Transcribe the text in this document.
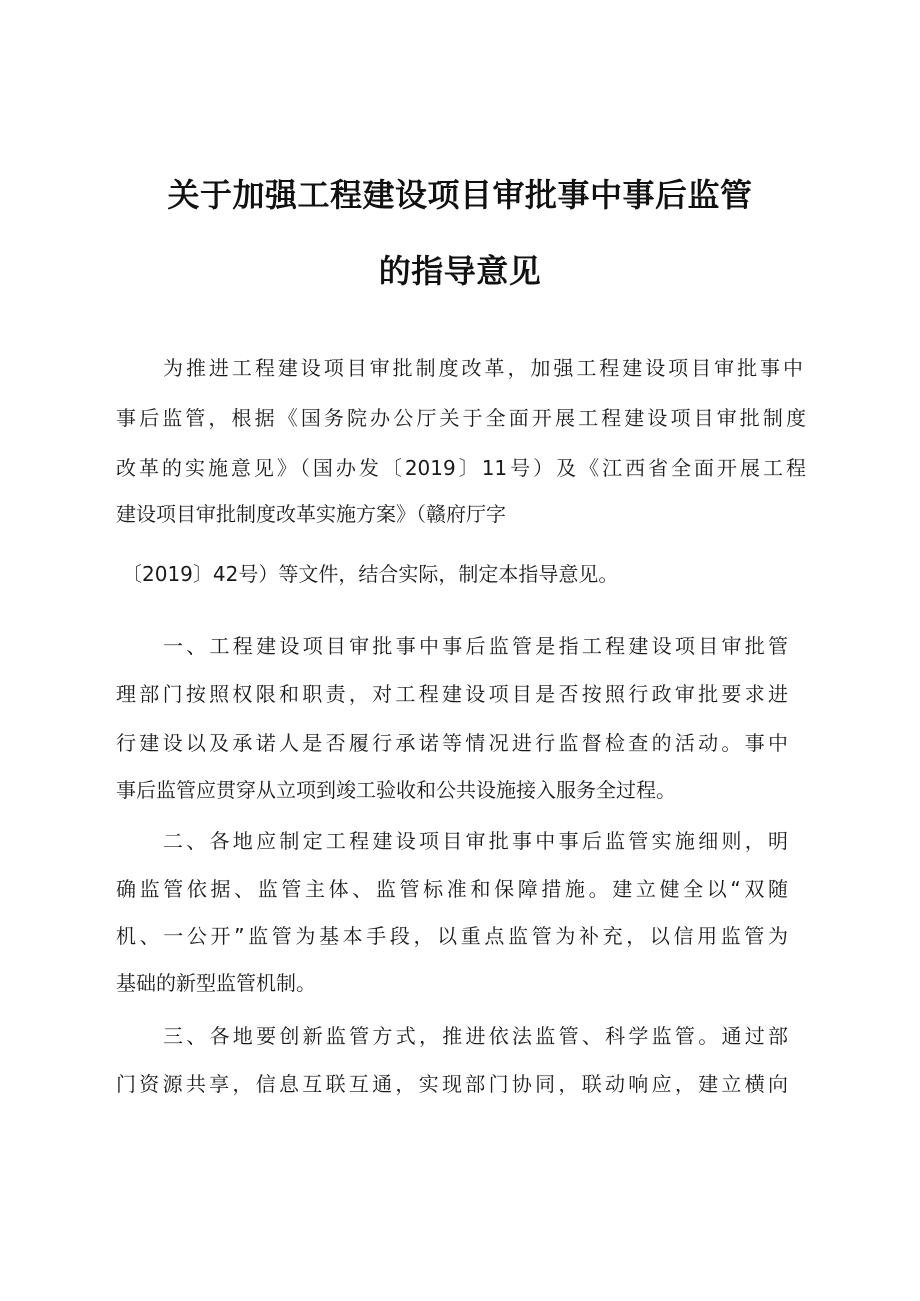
关于加强工程建设项目审批事中事后监管
的指导意见
为推进工程建设项目审批制度改革，加强工程建设项目审批事中
事后监管，根据《国务院办公厅关于全面开展工程建设项目审批制度
改革的实施意见》（国办发〔2019〕11号）及《江西省全面开展工程
建设项目审批制度改革实施方案》（赣府厅字
〔2019〕42号）等文件，结合实际，制定本指导意见。
一、工程建设项目审批事中事后监管是指工程建设项目审批管
理部门按照权限和职责，对工程建设项目是否按照行政审批要求进
行建设以及承诺人是否履行承诺等情况进行监督检查的活动。事中
事后监管应贯穿从立项到竣工验收和公共设施接入服务全过程。
二、各地应制定工程建设项目审批事中事后监管实施细则，明
确监管依据、监管主体、监管标准和保障措施。建立健全以“双随
机、一公开”监管为基本手段，以重点监管为补充，以信用监管为
基础的新型监管机制。
三、各地要创新监管方式，推进依法监管、科学监管。通过部
门资源共享，信息互联互通，实现部门协同，联动响应，建立横向
